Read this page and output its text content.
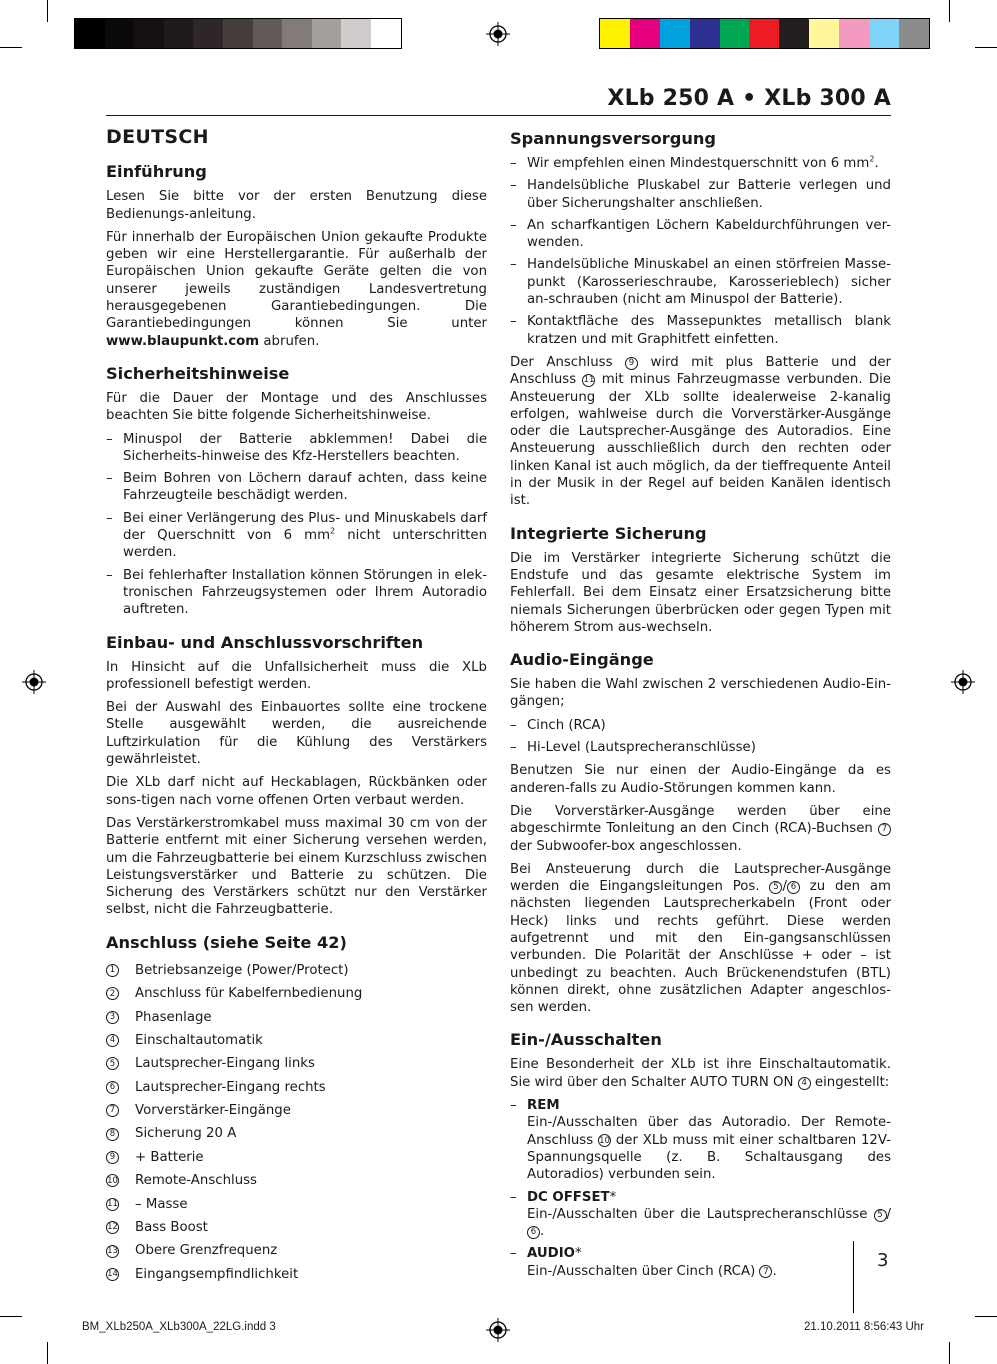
XLb 250 A • XLb 300 A
DEUTSCH
Einführung

Lesen Sie bitte vor der ersten Benutzung diese Bedienungs-anleitung.

Für innerhalb der Europäischen Union gekaufte Produkte geben wir eine Herstellergarantie. Für außerhalb der Europäischen Union gekaufte Geräte gelten die von unserer jeweils zuständigen Landesvertretung herausgegebenen Garantiebedingungen. Die Garantiebedingungen können Sie unter www.blaupunkt.com abrufen.

Sicherheitshinweise

Für die Dauer der Montage und des Anschlusses beachten Sie bitte folgende Sicherheitshinweise.

– Minuspol der Batterie abklemmen! Dabei die Sicherheits-hinweise des Kfz-Herstellers beachten.
– Beim Bohren von Löchern darauf achten, dass keine Fahrzeugteile beschädigt werden.
– Bei einer Verlängerung des Plus- und Minuskabels darf der Querschnitt von 6 $mm^2$ nicht unterschritten werden.
– Bei fehlerhafter Installation können Störungen in elek-tronischen Fahrzeugsystemen oder Ihrem Autoradio auftreten.
Einbau- und Anschlussvorschriften

In Hinsicht auf die Unfallsicherheit muss die XLb professionell befestigt werden.

Bei der Auswahl des Einbauortes sollte eine trockene Stelle ausgewählt werden, die ausreichende Luftzirkulation für die Kühlung des Verstärkers gewährleistet.

Die XLb darf nicht auf Heckablagen, Rückbänken oder sons-tigen nach vorne offenen Orten verbaut werden.

Das Verstärkerstromkabel muss maximal 30 cm von der Batterie entfernt mit einer Sicherung versehen werden, um die Fahrzeugbatterie bei einem Kurzschluss zwischen Leistungsverstärker und Batterie zu schützen. Die Sicherung des Verstärkers schützt nur den Verstärker selbst, nicht die Fahrzeugbatterie.

Anschluss (siehe Seite 42)
1 Betriebsanzeige (Power/Protect)
2 Anschluss für Kabelfernbedienung
3 Phasenlage
4 Einschaltautomatik
5 Lautsprecher-Eingang links
6 Lautsprecher-Eingang rechts
7 Vorverstärker-Eingänge
8 Sicherung 20 A
9 + Batterie
10 Remote-Anschluss
11 – Masse
12 Bass Boost
13 Obere Grenzfrequenz
14 Eingangsempfindlichkeit
Spannungsversorgung
– Wir empfehlen einen Mindestquerschnitt von 6 $mm^2$.
– Handelsübliche Pluskabel zur Batterie verlegen und über Sicherungshalter anschließen.
– An scharfkantigen Löchern Kabeldurchführungen ver-wenden.
– Handelsübliche Minuskabel an einen störfreien Masse-punkt (Karosserieschraube, Karosserieblech) sicher an-schrauben (nicht am Minuspol der Batterie).
– Kontaktfläche des Massepunktes metallisch blank kratzen und mit Graphitfett einfetten.

Der Anschluss 9 wird mit plus Batterie und der Anschluss 11 mit minus Fahrzeugmasse verbunden. Die Ansteuerung der XLb sollte idealerweise 2-kanalig erfolgen, wahlweise durch die Vorverstärker-Ausgänge oder die Lautsprecher-Ausgänge des Autoradios. Eine Ansteuerung ausschließlich durch den rechten oder linken Kanal ist auch möglich, da der tieffrequente Anteil in der Musik in der Regel auf beiden Kanälen identisch ist.

Integrierte Sicherung

Die im Verstärker integrierte Sicherung schützt die Endstufe und das gesamte elektrische System im Fehlerfall. Bei dem Einsatz einer Ersatzsicherung bitte niemals Sicherungen überbrücken oder gegen Typen mit höherem Strom aus-wechseln.

Audio-Eingänge

Sie haben die Wahl zwischen 2 verschiedenen Audio-Ein-gängen;

– Cinch (RCA)
– Hi-Level (Lautsprecheranschlüsse)

Benutzen Sie nur einen der Audio-Eingänge da es anderen-falls zu Audio-Störungen kommen kann.

Die Vorverstärker-Ausgänge werden über eine abgeschirmte Tonleitung an den Cinch (RCA)-Buchsen 7 der Subwoofer-box angeschlossen.

Bei Ansteuerung durch die Lautsprecher-Ausgänge werden die Eingangsleitungen Pos. 5 / 6 zu den am nächsten liegenden Lautsprecherkabeln (Front oder Heck) links und rechts geführt. Diese werden aufgetrennt und mit den Ein-gangsanschlüssen verbunden. Die Polarität der Anschlüsse + oder – ist unbedingt zu beachten. Auch Brückenendstufen (BTL) können direkt, ohne zusätzlichen Adapter angeschlos-sen werden.

Ein-/Ausschalten

Eine Besonderheit der XLb ist ihre Einschaltautomatik. Sie wird über den Schalter AUTO TURN ON 4 eingestellt:

– REM
Ein-/Ausschalten über das Autoradio. Der Remote-Anschluss 10 der XLb muss mit einer schaltbaren 12V-Spannungsquelle (z. B. Schaltausgang des Autoradios) verbunden sein.
– DC OFFSET*
Ein-/Ausschalten über die Lautsprecheranschlüsse 5 /6 .
– AUDIO*
Ein-/Ausschalten über Cinch (RCA) 7 .
3
BM_XLb250A_XLb300A_22LG.indd 3	21.10.2011 8:56:43 Uhr
